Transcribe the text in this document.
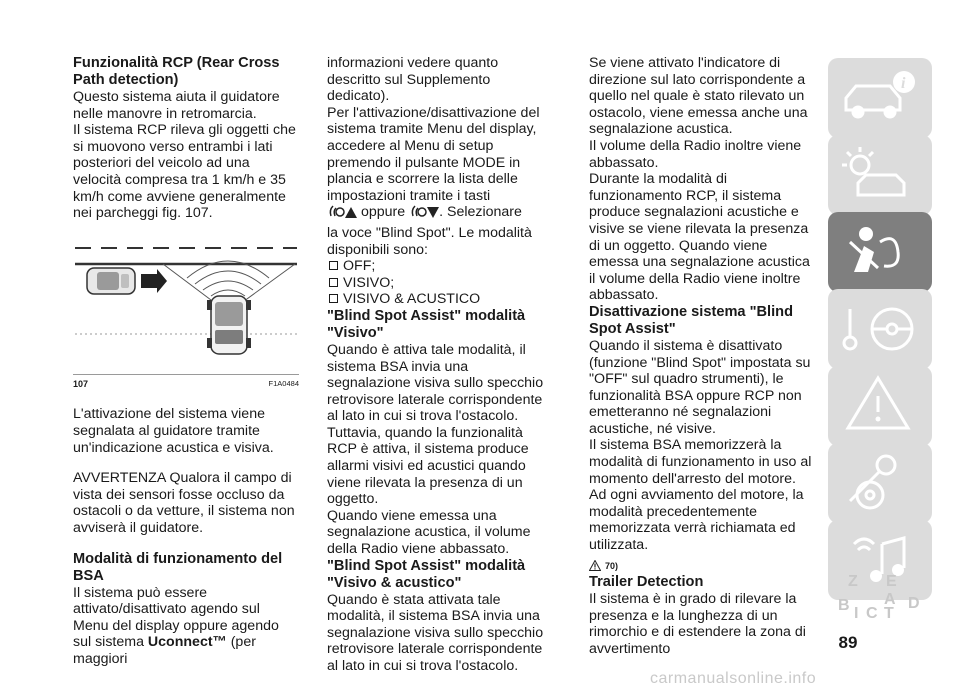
Funzionalità RCP (Rear Cross Path detection)

Questo sistema aiuta il guidatore nelle manovre in retromarcia.

Il sistema RCP rileva gli oggetti che si muovono verso entrambi i lati posteriori del veicolo ad una velocità compresa tra 1 km/h e 35 km/h come avviene generalmente nei parcheggi fig. 107.

107	F1A0484

L'attivazione del sistema viene segnalata al guidatore tramite un'indicazione acustica e visiva.

AVVERTENZA Qualora il campo di vista dei sensori fosse occluso da ostacoli o da vetture, il sistema non avviserà il guidatore.

Modalità di funzionamento del BSA

Il sistema può essere attivato/disattivato agendo sul Menu del display oppure agendo sul sistema Uconnect™ (per maggiori

informazioni vedere quanto descritto sul Supplemento dedicato).

Per l'attivazione/disattivazione del sistema tramite Menu del display, accedere al Menu di setup premendo il pulsante MODE in plancia e scorrere la lista delle impostazioni tramite i tasti

oppure . Selezionare

la voce "Blind Spot". Le modalità disponibili sono:

OFF;
VISIVO;
VISIVO & ACUSTICO

"Blind Spot Assist" modalità "Visivo"

Quando è attiva tale modalità, il sistema BSA invia una segnalazione visiva sullo specchio retrovisore laterale corrispondente al lato in cui si trova l'ostacolo.

Tuttavia, quando la funzionalità RCP è attiva, il sistema produce allarmi visivi ed acustici quando viene rilevata la presenza di un oggetto.

Quando viene emessa una segnalazione acustica, il volume della Radio viene abbassato.

"Blind Spot Assist" modalità "Visivo & acustico"

Quando è stata attivata tale modalità, il sistema BSA invia una segnalazione visiva sullo specchio retrovisore laterale corrispondente al lato in cui si trova l'ostacolo.

Se viene attivato l'indicatore di direzione sul lato corrispondente a quello nel quale è stato rilevato un ostacolo, viene emessa anche una segnalazione acustica.

Il volume della Radio inoltre viene abbassato.

Durante la modalità di funzionamento RCP, il sistema produce segnalazioni acustiche e visive se viene rilevata la presenza di un oggetto. Quando viene emessa una segnalazione acustica il volume della Radio viene inoltre abbassato.

Disattivazione sistema "Blind Spot Assist"

Quando il sistema è disattivato (funzione "Blind Spot" impostata su "OFF" sul quadro strumenti), le funzionalità BSA oppure RCP non emetteranno né segnalazioni acustiche, né visive.

Il sistema BSA memorizzerà la modalità di funzionamento in uso al momento dell'arresto del motore. Ad ogni avviamento del motore, la modalità precedentemente memorizzata verrà richiamata ed utilizzata.

70)

Trailer Detection

Il sistema è in grado di rilevare la presenza e la lunghezza di un rimorchio e di estendere la zona di avvertimento

i
Z E
B A D
I C T
89
carmanualsonline.info
